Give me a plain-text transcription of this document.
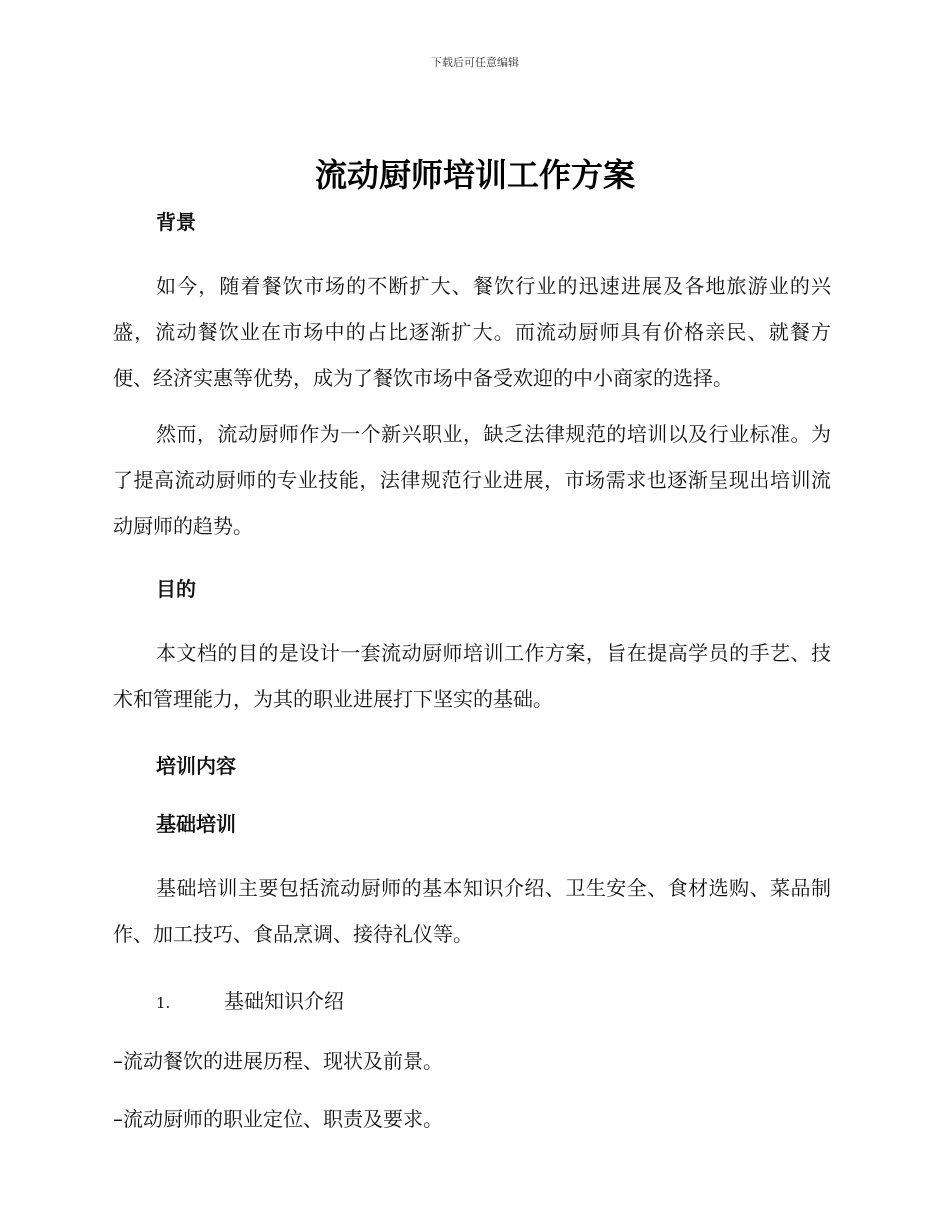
下载后可任意编辑
流动厨师培训工作方案

背景

如今，随着餐饮市场的不断扩大、餐饮行业的迅速进展及各地旅游业的兴盛，流动餐饮业在市场中的占比逐渐扩大。而流动厨师具有价格亲民、就餐方便、经济实惠等优势，成为了餐饮市场中备受欢迎的中小商家的选择。

然而，流动厨师作为一个新兴职业，缺乏法律规范的培训以及行业标准。为了提高流动厨师的专业技能，法律规范行业进展，市场需求也逐渐呈现出培训流动厨师的趋势。

目的

本文档的目的是设计一套流动厨师培训工作方案，旨在提高学员的手艺、技术和管理能力，为其的职业进展打下坚实的基础。

培训内容

基础培训

基础培训主要包括流动厨师的基本知识介绍、卫生安全、食材选购、菜品制作、加工技巧、食品烹调、接待礼仪等。

1.	基础知识介绍

–流动餐饮的进展历程、现状及前景。

–流动厨师的职业定位、职责及要求。
